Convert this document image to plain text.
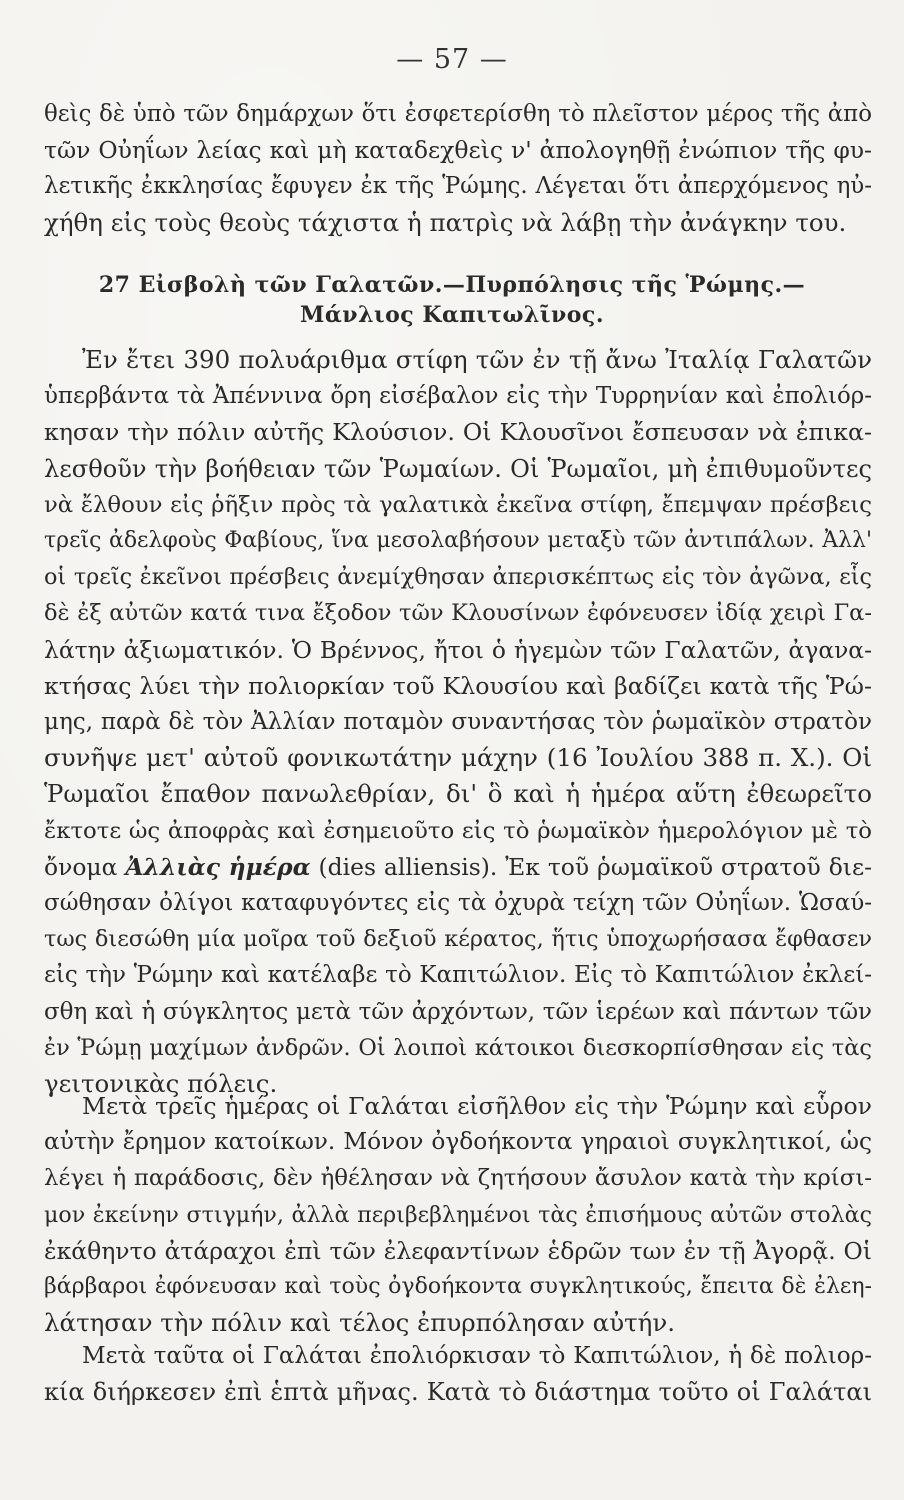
— 57 —
θεὶς δὲ ὑπὸ τῶν δημάρχων ὅτι ἐσφετερίσθη τὸ πλεῖστον μέρος τῆς ἀπὸ
τῶν Οὐηΐων λείας καὶ μὴ καταδεχθεὶς ν' ἀπολογηθῇ ἐνώπιον τῆς φυ-
λετικῆς ἐκκλησίας ἔφυγεν ἐκ τῆς Ῥώμης. Λέγεται ὅτι ἀπερχόμενος ηὐ-
χήθη εἰς τοὺς θεοὺς τάχιστα ἡ πατρὶς νὰ λάβῃ τὴν ἀνάγκην του.
27 Εἰσβολὴ τῶν Γαλατῶν.—Πυρπόλησις τῆς Ῥώμης.—
Μάνλιος Καπιτωλῖνος.
Ἐν ἔτει 390 πολυάριθμα στίφη τῶν ἐν τῇ ἄνω Ἰταλίᾳ Γαλατῶν
ὑπερβάντα τὰ Ἀπέννινα ὄρη εἰσέβαλον εἰς τὴν Τυρρηνίαν καὶ ἐπολιόρ-
κησαν τὴν πόλιν αὐτῆς Κλούσιον. Οἱ Κλουσῖνοι ἔσπευσαν νὰ ἐπικα-
λεσθοῦν τὴν βοήθειαν τῶν Ῥωμαίων. Οἱ Ῥωμαῖοι, μὴ ἐπιθυμοῦντες
νὰ ἔλθουν εἰς ῥῆξιν πρὸς τὰ γαλατικὰ ἐκεῖνα στίφη, ἔπεμψαν πρέσβεις
τρεῖς ἀδελφοὺς Φαβίους, ἵνα μεσολαβήσουν μεταξὺ τῶν ἀντιπάλων. Ἀλλ'
οἱ τρεῖς ἐκεῖνοι πρέσβεις ἀνεμίχθησαν ἀπερισκέπτως εἰς τὸν ἀγῶνα, εἷς
δὲ ἐξ αὐτῶν κατά τινα ἔξοδον τῶν Κλουσίνων ἐφόνευσεν ἰδίᾳ χειρὶ Γα-
λάτην ἀξιωματικόν. Ὁ Βρέννος, ἤτοι ὁ ἡγεμὼν τῶν Γαλατῶν, ἀγανα-
κτήσας λύει τὴν πολιορκίαν τοῦ Κλουσίου καὶ βαδίζει κατὰ τῆς Ῥώ-
μης, παρὰ δὲ τὸν Ἀλλίαν ποταμὸν συναντήσας τὸν ῥωμαϊκὸν στρατὸν
συνῆψε μετ' αὐτοῦ φονικωτάτην μάχην (16 Ἰουλίου 388 π. Χ.). Οἱ
Ῥωμαῖοι ἔπαθον πανωλεθρίαν, δι' ὃ καὶ ἡ ἡμέρα αὕτη ἐθεωρεῖτο
ἔκτοτε ὡς ἀποφρὰς καὶ ἐσημειοῦτο εἰς τὸ ῥωμαϊκὸν ἡμερολόγιον μὲ τὸ
ὄνομα Ἀλλιὰς ἡμέρα (dies alliensis). Ἐκ τοῦ ῥωμαϊκοῦ στρατοῦ διε-
σώθησαν ὀλίγοι καταφυγόντες εἰς τὰ ὀχυρὰ τείχη τῶν Οὐηΐων. Ὡσαύ-
τως διεσώθη μία μοῖρα τοῦ δεξιοῦ κέρατος, ἥτις ὑποχωρήσασα ἔφθασεν
εἰς τὴν Ῥώμην καὶ κατέλαβε τὸ Καπιτώλιον. Εἰς τὸ Καπιτώλιον ἐκλεί-
σθη καὶ ἡ σύγκλητος μετὰ τῶν ἀρχόντων, τῶν ἱερέων καὶ πάντων τῶν
ἐν Ῥώμῃ μαχίμων ἀνδρῶν. Οἱ λοιποὶ κάτοικοι διεσκορπίσθησαν εἰς τὰς
γειτονικὰς πόλεις.
Μετὰ τρεῖς ἡμέρας οἱ Γαλάται εἰσῆλθον εἰς τὴν Ῥώμην καὶ εὗρον
αὐτὴν ἔρημον κατοίκων. Μόνον ὀγδοήκοντα γηραιοὶ συγκλητικοί, ὡς
λέγει ἡ παράδοσις, δὲν ἠθέλησαν νὰ ζητήσουν ἄσυλον κατὰ τὴν κρίσι-
μον ἐκείνην στιγμήν, ἀλλὰ περιβεβλημένοι τὰς ἐπισήμους αὐτῶν στολὰς
ἐκάθηντο ἀτάραχοι ἐπὶ τῶν ἐλεφαντίνων ἑδρῶν των ἐν τῇ Ἀγορᾷ. Οἱ
βάρβαροι ἐφόνευσαν καὶ τοὺς ὀγδοήκοντα συγκλητικούς, ἔπειτα δὲ ἐλεη-
λάτησαν τὴν πόλιν καὶ τέλος ἐπυρπόλησαν αὐτήν.
Μετὰ ταῦτα οἱ Γαλάται ἐπολιόρκισαν τὸ Καπιτώλιον, ἡ δὲ πολιορ-
κία διήρκεσεν ἐπὶ ἑπτὰ μῆνας. Κατὰ τὸ διάστημα τοῦτο οἱ Γαλάται
